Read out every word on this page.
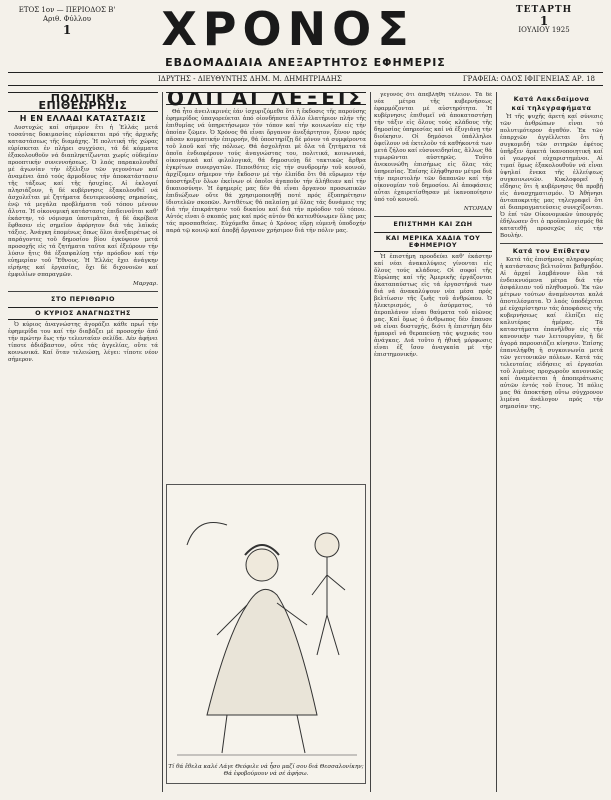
ΕΤΟΣ 1ον — ΠΕΡΙΟΔΟΣ Β'
Αριθ. Φύλλου
1	ΧΡΟΝΟΣ	ΤΕΤΑΡΤΗ
1
ΙΟΥΛΙΟΥ 1925
ΕΒΔΟΜΑΔΙΑΙΑ ΑΝΕΞΑΡΤΗΤΟΣ ΕΦΗΜΕΡΙΣ
ΙΔΡΥΤΗΣ - ΔΙΕΥΘΥΝΤΗΣ ΔΗΜ. Μ. ΔΗΜΗΤΡΙΑΔΗΣ	ΓΡΑΦΕΙΑ: ΟΔΟΣ ΙΦΙΓΕΝΕΙΑΣ ΑΡ. 18
ΠΟΛΙΤΙΚΗ ΕΠΙΘΕΩΡΗΣΙΣ
Η ΕΝ ΕΛΛΑΔΙ ΚΑΤΑΣΤΑΣΙΣ

Δυστυχώς καί σήμερον ἔτι ἡ Ἑλλάς μετά τοσαύτας δοκιμασίας εὑρίσκεται πρό τῆς ἀρχικῆς καταστάσεως τῆς διαμάχης. Ἡ πολιτική τῆς χώρας εὑρίσκεται ἐν πλήρει συγχύσει, τά δέ κόμματα ἐξακολουθοῦν νά διαπληκτίζωνται χωρίς οὐδεμίαν προοπτικήν συνεννοήσεως. Ὁ λαός παρακολουθεῖ μέ ἀγωνίαν τήν ἐξέλιξιν τῶν γεγονότων καί ἀναμένει ἀπό τούς ἀρμοδίους τήν ἀποκατάστασιν τῆς τάξεως καί τῆς ἡσυχίας. Αἱ ἐκλογαί πλησιάζουν, ἡ δέ κυβέρνησις ἐξακολουθεῖ νά ἀσχολεῖται μέ ζητήματα δευτερευούσης σημασίας, ἐνῷ τά μεγάλα προβλήματα τοῦ τόπου μένουν ἄλυτα. Ἡ οἰκονομική κατάστασις ἐπιδεινοῦται καθ' ἑκάστην, τό νόμισμα ὑποτιμᾶται, ἡ δέ ἀκρίβεια ἔφθασεν εἰς σημεῖον ἀφόρητον διά τάς λαϊκάς τάξεις. Ἀνάγκη ἐπομένως ὅπως ὅλοι ἀνεξαιρέτως οἱ παράγοντες τοῦ δημοσίου βίου ἐγκύψουν μετά προσοχῆς εἰς τά ζητήματα ταῦτα καί ἐξεύρουν τήν λύσιν ἥτις θά ἐξασφαλίσῃ τήν πρόοδον καί τήν εὐημερίαν τοῦ Ἔθνους. Ἡ Ἑλλάς ἔχει ἀνάγκην εἰρήνης καί ἐργασίας, ὄχι δέ διχονοιῶν καί ἐμφυλίων σπαραγμῶν.

Μαργαρ.
ΣΤΟ ΠΕΡΙΘΩΡΙΟ
Ο ΚΥΡΙΟΣ ΑΝΑΓΝΩΣΤΗΣ

Ὁ κύριος ἀναγνώστης ἀγοράζει κάθε πρωΐ τήν ἐφημερίδα του καί τήν διαβάζει μέ προσοχήν ἀπό τήν πρώτην ἕως τήν τελευταίαν σελίδα. Δέν ἀφήνει τίποτε ἀδιάβαστον, οὔτε τάς ἀγγελίας, οὔτε τά κοινωνικά. Καί ὅταν τελειώσῃ, λέγει: τίποτε νέον σήμερον.

ΟΛΙΓΑΙ ΛΕΞΕΙΣ

Θά ἦτο ἀνειλικρινές ἐάν ἰσχυριζόμεθα ὅτι ἡ ἔκδοσις τῆς παρούσης ἐφημερίδος ὑπαγορεύεται ἀπό οἰονδήποτε ἄλλο ἐλατήριον πλήν τῆς ἐπιθυμίας νά ὑπηρετήσωμεν τόν τόπον καί τήν κοινωνίαν εἰς τήν ὁποίαν ζῶμεν. Ὁ Χρόνος θά εἶναι ὄργανον ἀνεξάρτητον, ξένον πρός πᾶσαν κομματικήν ἐπιρροήν, θά ὑποστηρίζῃ δέ μόνον τά συμφέροντα τοῦ λαοῦ καί τῆς πόλεως. Θά ἀσχολῆται μέ ὅλα τά ζητήματα τά ὁποῖα ἐνδιαφέρουν τούς ἀναγνώστας του, πολιτικά, κοινωνικά, οἰκονομικά καί φιλολογικά, θά δημοσιεύῃ δέ τακτικῶς ἄρθρα ἐγκρίτων συνεργατῶν. Πεποιθότες εἰς τήν συνδρομήν τοῦ κοινοῦ, ἀρχίζομεν σήμερον τήν ἔκδοσιν μέ τήν ἐλπίδα ὅτι θά εὕρωμεν τήν ὑποστήριξιν ὅλων ἐκείνων οἱ ὁποῖοι ἀγαποῦν τήν ἀλήθειαν καί τήν δικαιοσύνην. Ἡ ἐφημερίς μας δέν θά εἶναι ὄργανον προσωπικῶν ἐπιδιώξεων οὔτε θά χρησιμοποιηθῇ ποτέ πρός ἐξυπηρέτησιν ἰδιοτελῶν σκοπῶν. Ἀντιθέτως θά παλαίσῃ μέ ὅλας τάς δυνάμεις της διά τήν ἐπικράτησιν τοῦ δικαίου καί διά τήν πρόοδον τοῦ τόπου. Αὐτός εἶναι ὁ σκοπός μας καί πρός αὐτόν θά κατευθύνωμεν ὅλας μας τάς προσπαθείας. Εὐχόμεθα ὅπως ὁ Χρόνος εὕρῃ εὐμενῆ ὑποδοχήν παρά τῷ κοινῷ καί ἀποβῇ ὄργανον χρήσιμον διά τήν πόλιν μας.

Τί θά ἔθελα καλέ Λάγε Θεόφιλε νά ἦσο μαζί σου διά Θεσσαλονίκην; Θά ἐφοβούμουν νά σέ ἀφήσω.

γεγονός ὅτι ἀπεβλήθη τέλειον. Τά δέ νέα μέτρα τῆς κυβερνήσεως ἐφαρμόζονται μέ αὐστηρότητα. Ἡ κυβέρνησις ἐπιθυμεῖ νά ἀποκαταστήσῃ τήν τάξιν εἰς ὅλους τούς κλάδους τῆς δημοσίας ὑπηρεσίας καί νά ἐξυγιάνῃ τήν διοίκησιν. Οἱ δημόσιοι ὑπάλληλοι ὀφείλουν νά ἐκτελοῦν τά καθήκοντά των μετά ζήλου καί εὐσυνειδησίας, ἄλλως θά τιμωρῶνται αὐστηρῶς. Τοῦτο ἀνεκοινώθη ἐπισήμως εἰς ὅλας τάς ὑπηρεσίας. Ἐπίσης ἐλήφθησαν μέτρα διά τήν περιστολήν τῶν δαπανῶν καί τήν οἰκονομίαν τοῦ δημοσίου. Αἱ ἀποφάσεις αὗται ἐχαιρετίσθησαν μέ ἱκανοποίησιν ὑπό τοῦ κοινοῦ.

ΝΤΟΡΙΑΝ
ΕΠΙΣΤΗΜΗ ΚΑΙ ΖΩΗ
ΚΑΙ ΜΕΡΙΚΑ ΧΑΔΙΑ ΤΟΥ ΕΦΗΜΕΡΙΟΥ

Ἡ ἐπιστήμη προοδεύει καθ' ἑκάστην καί νέαι ἀνακαλύψεις γίνονται εἰς ὅλους τούς κλάδους. Οἱ σοφοί τῆς Εὐρώπης καί τῆς Ἀμερικῆς ἐργάζονται ἀκαταπαύστως εἰς τά ἐργαστήριά των διά νά ἀνακαλύψουν νέα μέσα πρός βελτίωσιν τῆς ζωῆς τοῦ ἀνθρώπου. Ὁ ἠλεκτρισμός, ὁ ἀσύρματος, τό ἀεροπλάνον εἶναι θαύματα τοῦ αἰῶνος μας. Καί ὅμως ὁ ἄνθρωπος δέν ἔπαυσε νά εἶναι δυστυχής, διότι ἡ ἐπιστήμη δέν ἠμπορεῖ νά θεραπεύσῃ τάς ψυχικάς του ἀνάγκας. Διά τοῦτο ἡ ἠθική μόρφωσις εἶναι ἐξ ἴσου ἀναγκαία μέ τήν ἐπιστημονικήν.

Κατά Λακεδαίμονα
καί τηλεγραφήματα

Ἡ τῆς ψυχῆς ἀρετή καί σύνεσις τῶν ἀνθρώπων εἶναι τό πολυτιμότερον ἀγαθόν. Ἐκ τῶν ἐπαρχιῶν ἀγγέλλεται ὅτι ἡ συγκομιδή τῶν σιτηρῶν ἐφέτος ὑπῆρξεν ἀρκετά ἱκανοποιητική καί οἱ γεωργοί εὐχαριστημένοι. Αἱ τιμαί ὅμως ἐξακολουθοῦν νά εἶναι ὑψηλαί ἕνεκα τῆς ἐλλείψεως συγκοινωνιῶν. Κυκλοφορεῖ ἡ εἴδησις ὅτι ἡ κυβέρνησις θά προβῇ εἰς ἀνασχηματισμόν. Ὁ Ἀθήνησι ἀνταποκριτής μας τηλεγραφεῖ ὅτι αἱ διαπραγματεύσεις συνεχίζονται. Ὁ ἐπί τῶν Οἰκονομικῶν ὑπουργός ἐδήλωσεν ὅτι ὁ προϋπολογισμός θά κατατεθῇ προσεχῶς εἰς τήν Βουλήν.

Κατά τον Επίθεταν

Κατά τάς ἐπισήμους πληροφορίας ἡ κατάστασις βελτιοῦται βαθμηδόν. Αἱ ἀρχαί λαμβάνουν ὅλα τά ἐνδεικνυόμενα μέτρα διά τήν ἀσφάλειαν τοῦ πληθυσμοῦ. Ἐκ τῶν μέτρων τούτων ἀναμένονται καλά ἀποτελέσματα. Ὁ λαός ὑποδέχεται μέ εὐχαρίστησιν τάς ἀποφάσεις τῆς κυβερνήσεως καί ἐλπίζει εἰς καλυτέρας ἡμέρας. Τά καταστήματα ἐπανῆλθον εἰς τήν κανονικήν των λειτουργίαν, ἡ δέ ἀγορά παρουσιάζει κίνησιν. Ἐπίσης ἐπανελήφθη ἡ συγκοινωνία μετά τῶν γειτονικῶν πόλεων. Κατά τάς τελευταίας εἰδήσεις αἱ ἐργασίαι τοῦ λιμένος προχωροῦν κανονικῶς καί ἀναμένεται ἡ ἀποπεράτωσις αὐτῶν ἐντός τοῦ ἔτους. Ἡ πόλις μας θά ἀποκτήσῃ οὕτω σύγχρονον λιμένα ἀνάλογον πρός τήν σημασίαν της.
